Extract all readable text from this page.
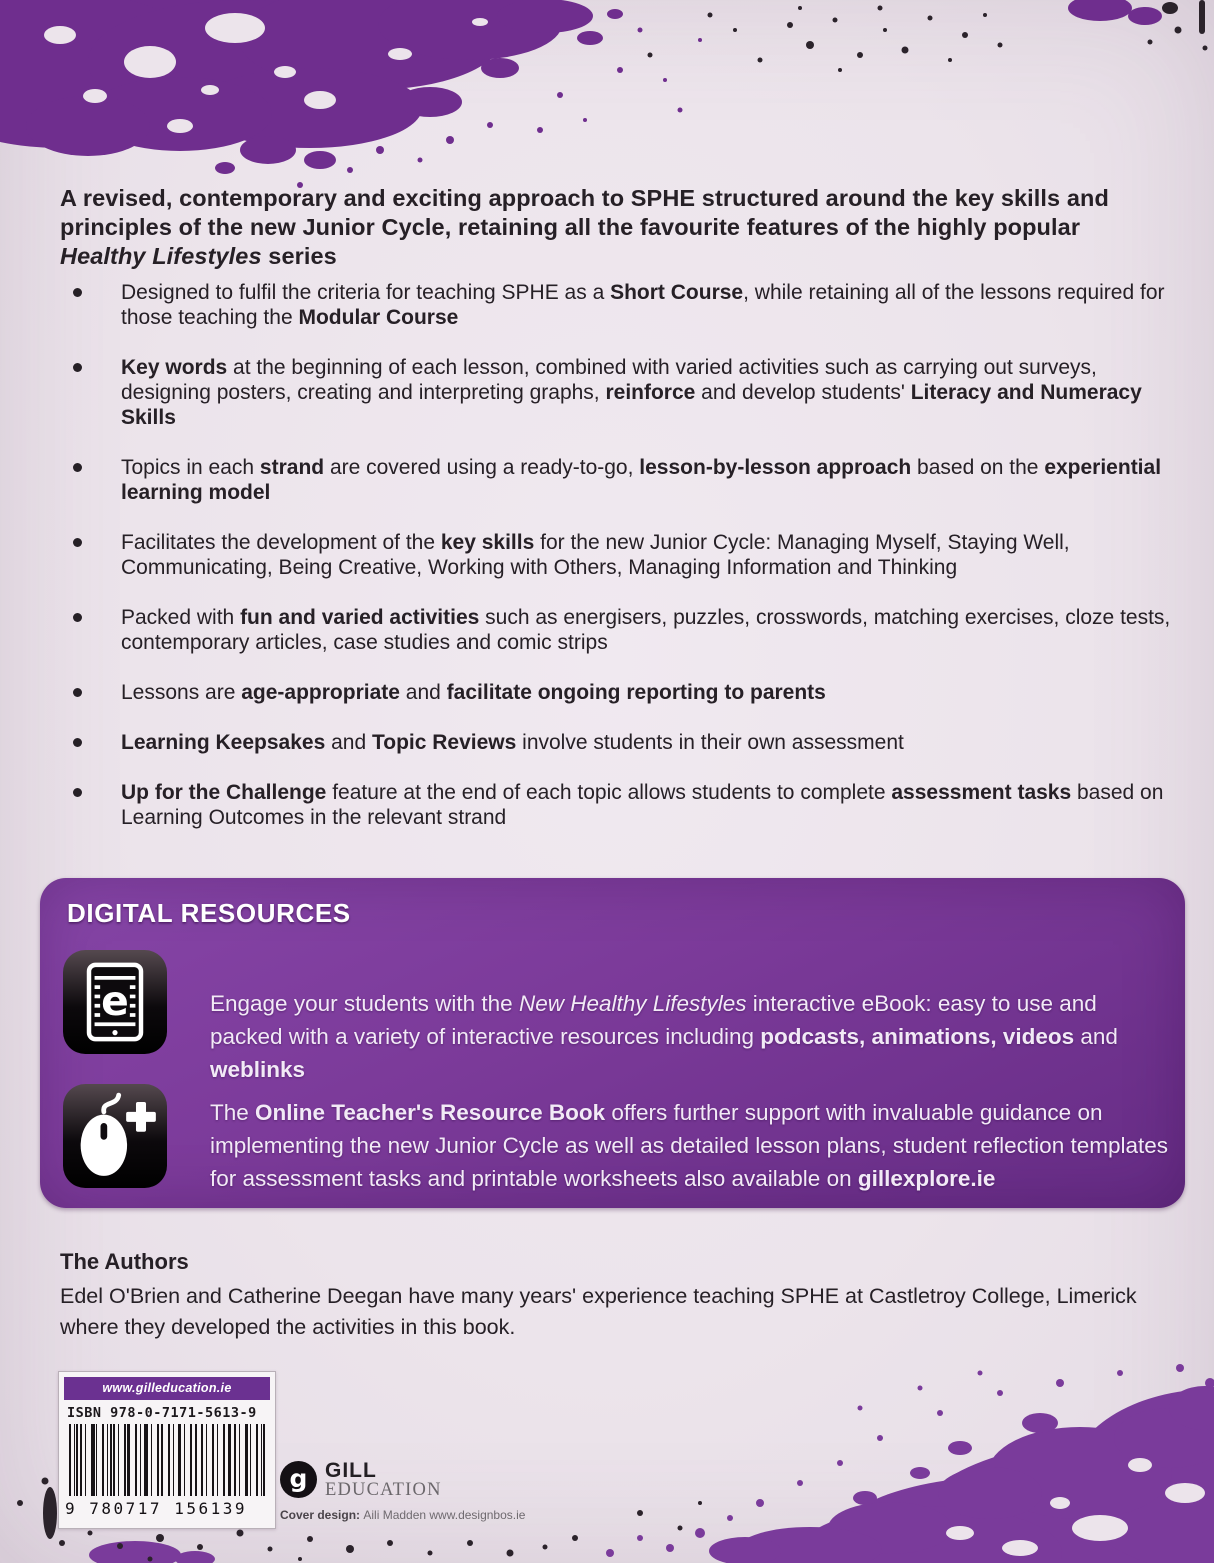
A revised, contemporary and exciting approach to SPHE structured around the key skills and principles of the new Junior Cycle, retaining all the favourite features of the highly popular Healthy Lifestyles series

Designed to fulfil the criteria for teaching SPHE as a Short Course, while retaining all of the lessons required for those teaching the Modular Course
Key words at the beginning of each lesson, combined with varied activities such as carrying out surveys, designing posters, creating and interpreting graphs, reinforce and develop students' Literacy and Numeracy Skills
Topics in each strand are covered using a ready-to-go, lesson-by-lesson approach based on the experiential learning model
Facilitates the development of the key skills for the new Junior Cycle: Managing Myself, Staying Well, Communicating, Being Creative, Working with Others, Managing Information and Thinking
Packed with fun and varied activities such as energisers, puzzles, crosswords, matching exercises, cloze tests, contemporary articles, case studies and comic strips
Lessons are age-appropriate and facilitate ongoing reporting to parents
Learning Keepsakes and Topic Reviews involve students in their own assessment
Up for the Challenge feature at the end of each topic allows students to complete assessment tasks based on Learning Outcomes in the relevant strand
DIGITAL RESOURCES
e	Engage your students with the New Healthy Lifestyles interactive eBook: easy to use and packed with a variety of interactive resources including podcasts, animations, videos and weblinks

The Online Teacher's Resource Book offers further support with invaluable guidance on implementing the new Junior Cycle as well as detailed lesson plans, student reflection templates for assessment tasks and printable worksheets also available on gillexplore.ie

The Authors

Edel O'Brien and Catherine Deegan have many years' experience teaching SPHE at Castletroy College, Limerick where they developed the activities in this book.

www.gilleducation.ie
ISBN 978-0-7171-5613-9
9 780717 156139
g GILL
EDUCATION
Cover design: Aili Madden www.designbos.ie
